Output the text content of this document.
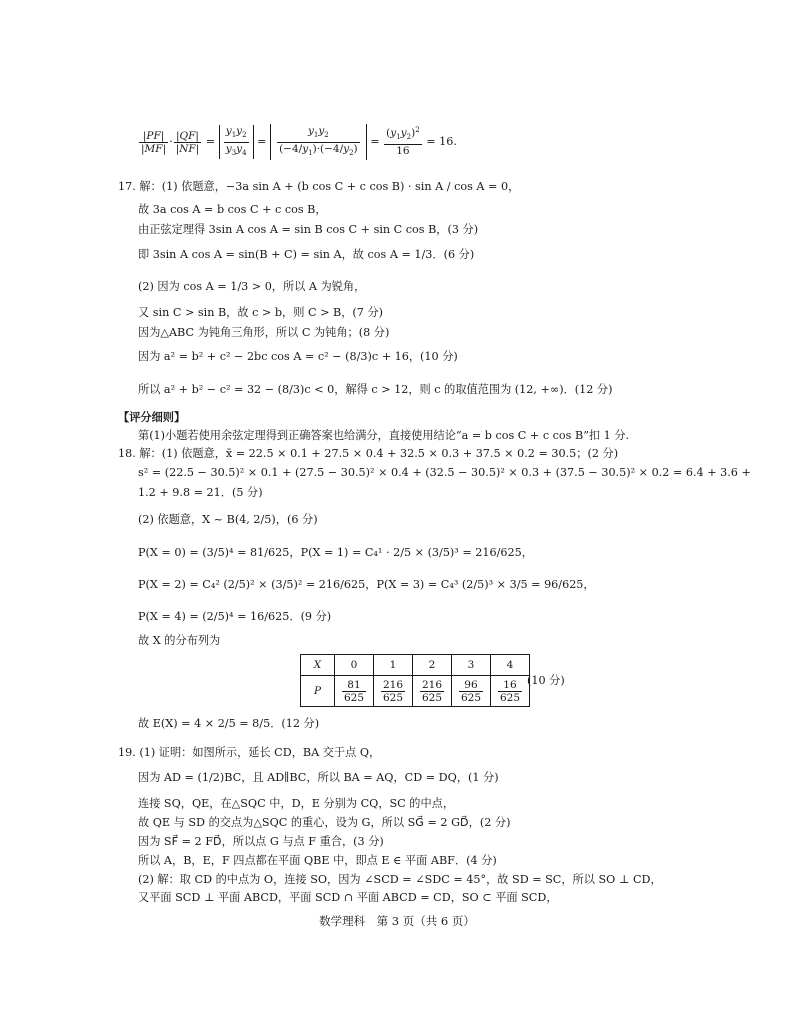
$\frac{|PF|}{|MF|} \cdot \frac{|QF|}{|NF|} = \frac{y_1y_2}{y_3y_4} = \frac{y_1y_2}{(-4/y_1)\cdot(-4/y_2)} = \frac{(y_1y_2)^2}{16} = 16$.
17. 解：(1) 依题意，−3a sin A + (b cos C + c cos B) · sin A / cos A = 0，
故 3a cos A = b cos C + c cos B，
由正弦定理得 3sin A cos A = sin B cos C + sin C cos B，(3 分)
即 3sin A cos A = sin(B + C) = sin A，故 cos A = 1/3．(6 分)
(2) 因为 cos A = 1/3 > 0，所以 A 为锐角，
又 sin C > sin B，故 c > b，则 C > B，(7 分)
因为△ABC 为钝角三角形，所以 C 为钝角；(8 分)
因为 a² = b² + c² − 2bc cos A = c² − (8/3)c + 16，(10 分)
所以 a² + b² − c² = 32 − (8/3)c < 0，解得 c > 12，则 c 的取值范围为 (12, +∞)．(12 分)
【评分细则】
第(1)小题若使用余弦定理得到正确答案也给满分，直接使用结论“a = b cos C + c cos B”扣 1 分.
18. 解：(1) 依题意，x̄ = 22.5 × 0.1 + 27.5 × 0.4 + 32.5 × 0.3 + 37.5 × 0.2 = 30.5；(2 分)
s² = (22.5 − 30.5)² × 0.1 + (27.5 − 30.5)² × 0.4 + (32.5 − 30.5)² × 0.3 + (37.5 − 30.5)² × 0.2 = 6.4 + 3.6 +
1.2 + 9.8 = 21．(5 分)
(2) 依题意，X ~ B(4, 2/5)，(6 分)
P(X = 0) = (3/5)⁴ = 81/625，P(X = 1) = C₄¹ · 2/5 × (3/5)³ = 216/625，
P(X = 2) = C₄² (2/5)² × (3/5)² = 216/625，P(X = 3) = C₄³ (2/5)³ × 3/5 = 96/625，
P(X = 4) = (2/5)⁴ = 16/625．(9 分)
故 X 的分布列为
X	0	1	2	3	4
P	$\frac{81}{625}$	$\frac{216}{625}$	$\frac{216}{625}$	$\frac{96}{625}$	$\frac{16}{625} (10$ 分)
故 E(X) = 4 × 2/5 = 8/5．(12 分)
19. (1) 证明：如图所示，延长 CD，BA 交于点 Q，
因为 AD = (1/2)BC，且 AD∥BC，所以 BA = AQ，CD = DQ，(1 分)
连接 SQ，QE，在△SQC 中，D，E 分别为 CQ，SC 的中点，
故 QE 与 SD 的交点为△SQC 的重心，设为 G，所以 SG⃗ = 2 GD⃗，(2 分)
因为 SF⃗ = 2 FD⃗，所以点 G 与点 F 重合，(3 分)
所以 A，B，E，F 四点都在平面 QBE 中，即点 E ∈ 平面 ABF．(4 分)
(2) 解：取 CD 的中点为 O，连接 SO，因为 ∠SCD = ∠SDC = 45°，故 SD = SC，所以 SO ⊥ CD，
又平面 SCD ⊥ 平面 ABCD，平面 SCD ∩ 平面 ABCD = CD，SO ⊂ 平面 SCD，
数学理科　第 3 页（共 6 页）
